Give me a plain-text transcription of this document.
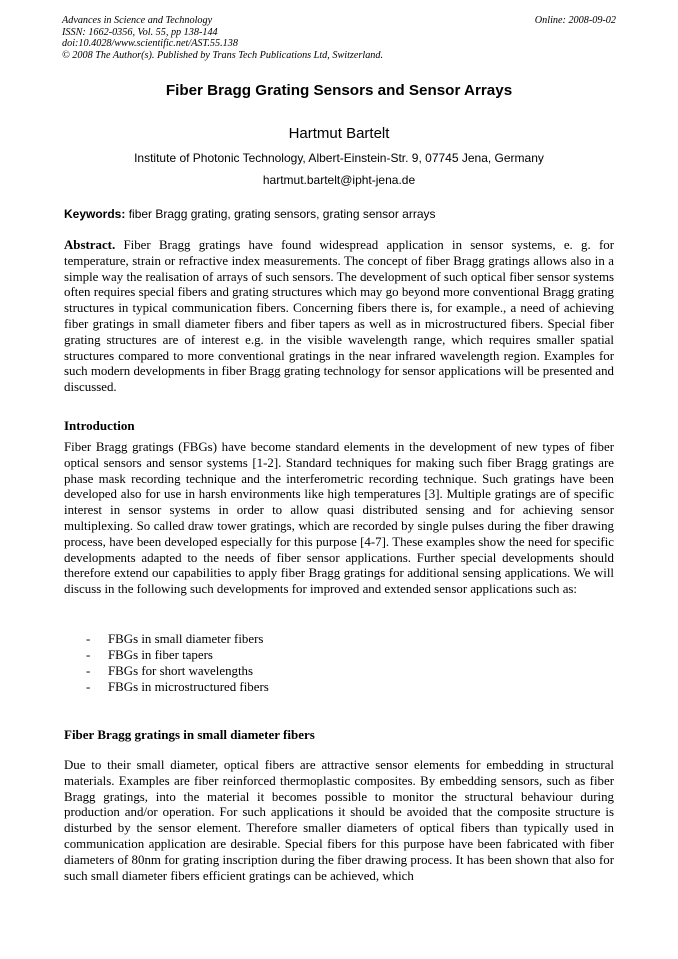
Advances in Science and Technology	Online: 2008-09-02
ISSN: 1662-0356, Vol. 55, pp 138-144
doi:10.4028/www.scientific.net/AST.55.138
© 2008 The Author(s). Published by Trans Tech Publications Ltd, Switzerland.
Fiber Bragg Grating Sensors and Sensor Arrays
Hartmut Bartelt
Institute of Photonic Technology, Albert-Einstein-Str. 9, 07745 Jena, Germany
hartmut.bartelt@ipht-jena.de
Keywords: fiber Bragg grating, grating sensors, grating sensor arrays
Abstract. Fiber Bragg gratings have found widespread application in sensor systems, e. g. for temperature, strain or refractive index measurements. The concept of fiber Bragg gratings allows also in a simple way the realisation of arrays of such sensors. The development of such optical fiber sensor systems often requires special fibers and grating structures which may go beyond more conventional Bragg grating structures in typical communication fibers. Concerning fibers there is, for example., a need of achieving fiber gratings in small diameter fibers and fiber tapers as well as in microstructured fibers. Special fiber grating structures are of interest e.g. in the visible wavelength range, which requires smaller spatial structures compared to more conventional gratings in the near infrared wavelength region. Examples for such modern developments in fiber Bragg grating technology for sensor applications will be presented and discussed.
Introduction
Fiber Bragg gratings (FBGs) have become standard elements in the development of new types of fiber optical sensors and sensor systems [1-2]. Standard techniques for making such fiber Bragg gratings are phase mask recording technique and the interferometric recording technique. Such gratings have been developed also for use in harsh environments like high temperatures [3]. Multiple gratings are of specific interest in sensor systems in order to allow quasi distributed sensing and for achieving sensor multiplexing. So called draw tower gratings, which are recorded by single pulses during the fiber drawing process, have been developed especially for this purpose [4-7]. These examples show the need for specific developments adapted to the needs of fiber sensor applications. Further special developments should therefore extend our capabilities to apply fiber Bragg gratings for additional sensing applications. We will discuss in the following such developments for improved and extended sensor applications such as:
-	FBGs in small diameter fibers
-	FBGs in fiber tapers
-	FBGs for short wavelengths
-	FBGs in microstructured fibers
Fiber Bragg gratings in small diameter fibers
Due to their small diameter, optical fibers are attractive sensor elements for embedding in structural materials. Examples are fiber reinforced thermoplastic composites. By embedding sensors, such as fiber Bragg gratings, into the material it becomes possible to monitor the structural behaviour during production and/or operation. For such applications it should be avoided that the composite structure is disturbed by the sensor element. Therefore smaller diameters of optical fibers than typically used in communication application are desirable. Special fibers for this purpose have been fabricated with fiber diameters of 80nm for grating inscription during the fiber drawing process. It has been shown that also for such small diameter fibers efficient gratings can be achieved, which
